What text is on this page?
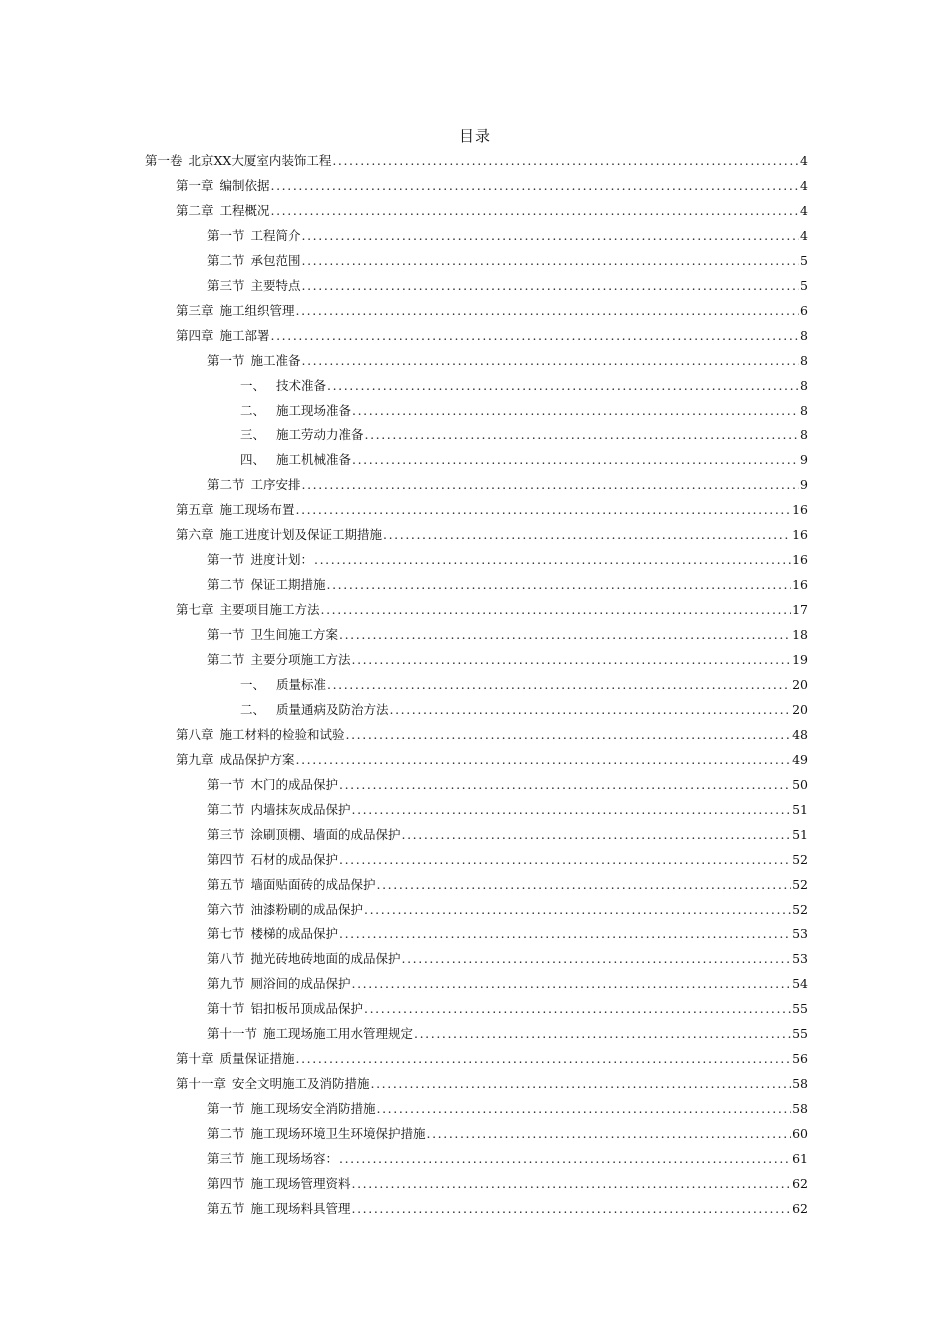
目录
第一卷 北京XX大厦室内装饰工程 .....	4
第一章 编制依据 .....	4
第二章 工程概况 .....	4
第一节 工程简介 .....	4
第二节 承包范围 .....	5
第三节 主要特点 .....	5
第三章 施工组织管理 .....	6
第四章 施工部署 .....	8
第一节 施工准备 .....	8
一、 技术准备 .....	8
二、 施工现场准备 .....	8
三、 施工劳动力准备 .....	8
四、 施工机械准备 .....	9
第二节 工序安排 .....	9
第五章 施工现场布置 .....	16
第六章 施工进度计划及保证工期措施 .....	16
第一节 进度计划： .....	16
第二节 保证工期措施 .....	16
第七章 主要项目施工方法 .....	17
第一节 卫生间施工方案 .....	18
第二节 主要分项施工方法 .....	19
一、 质量标准 .....	20
二、 质量通病及防治方法 .....	20
第八章 施工材料的检验和试验 .....	48
第九章 成品保护方案 .....	49
第一节 木门的成品保护 .....	50
第二节 内墙抹灰成品保护 .....	51
第三节 涂刷顶棚、墙面的成品保护 .....	51
第四节 石材的成品保护 .....	52
第五节 墙面贴面砖的成品保护 .....	52
第六节 油漆粉刷的成品保护 .....	52
第七节 楼梯的成品保护 .....	53
第八节 抛光砖地砖地面的成品保护 .....	53
第九节 厕浴间的成品保护 .....	54
第十节 铝扣板吊顶成品保护 .....	55
第十一节 施工现场施工用水管理规定 .....	55
第十章 质量保证措施 .....	56
第十一章 安全文明施工及消防措施 .....	58
第一节 施工现场安全消防措施 .....	58
第二节 施工现场环境卫生环境保护措施 .....	60
第三节 施工现场场容： .....	61
第四节 施工现场管理资料 .....	62
第五节 施工现场料具管理 .....	62
